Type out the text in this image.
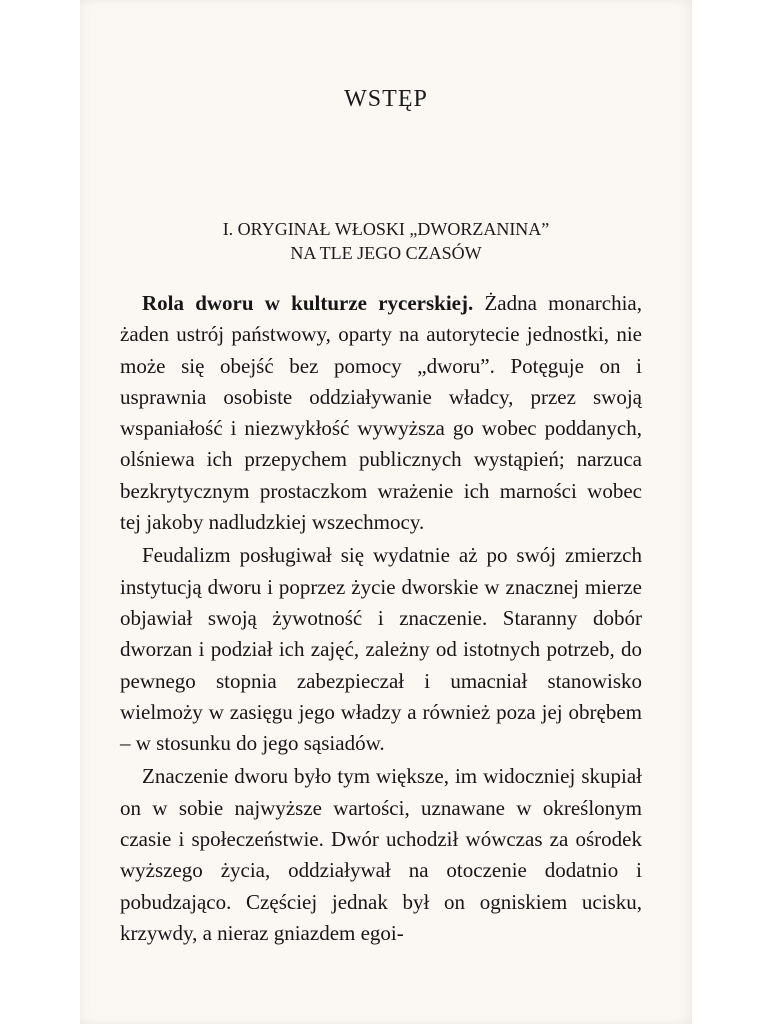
WSTĘP
I. ORYGINAŁ WŁOSKI „DWORZANINA”
NA TLE JEGO CZASÓW

Rola dworu w kulturze rycerskiej. Żadna monarchia, żaden ustrój państwowy, oparty na autorytecie jednostki, nie może się obejść bez pomocy „dworu”. Potęguje on i usprawnia osobiste oddziaływanie władcy, przez swoją wspaniałość i niezwykłość wywyższa go wobec poddanych, olśniewa ich przepychem publicznych wystąpień; narzuca bezkrytycznym prostaczkom wrażenie ich marności wobec tej jakoby nadludzkiej wszechmocy.

Feudalizm posługiwał się wydatnie aż po swój zmierzch instytucją dworu i poprzez życie dworskie w znacznej mierze objawiał swoją żywotność i znaczenie. Staranny dobór dworzan i podział ich zajęć, zależny od istotnych potrzeb, do pewnego stopnia zabezpieczał i umacniał stanowisko wielmoży w zasięgu jego władzy a również poza jej obrębem – w stosunku do jego sąsiadów.

Znaczenie dworu było tym większe, im widoczniej skupiał on w sobie najwyższe wartości, uznawane w określonym czasie i społeczeństwie. Dwór uchodził wówczas za ośrodek wyższego życia, oddziaływał na otoczenie dodatnio i pobudzająco. Częściej jednak był on ogniskiem ucisku, krzywdy, a nieraz gniazdem egoi-
